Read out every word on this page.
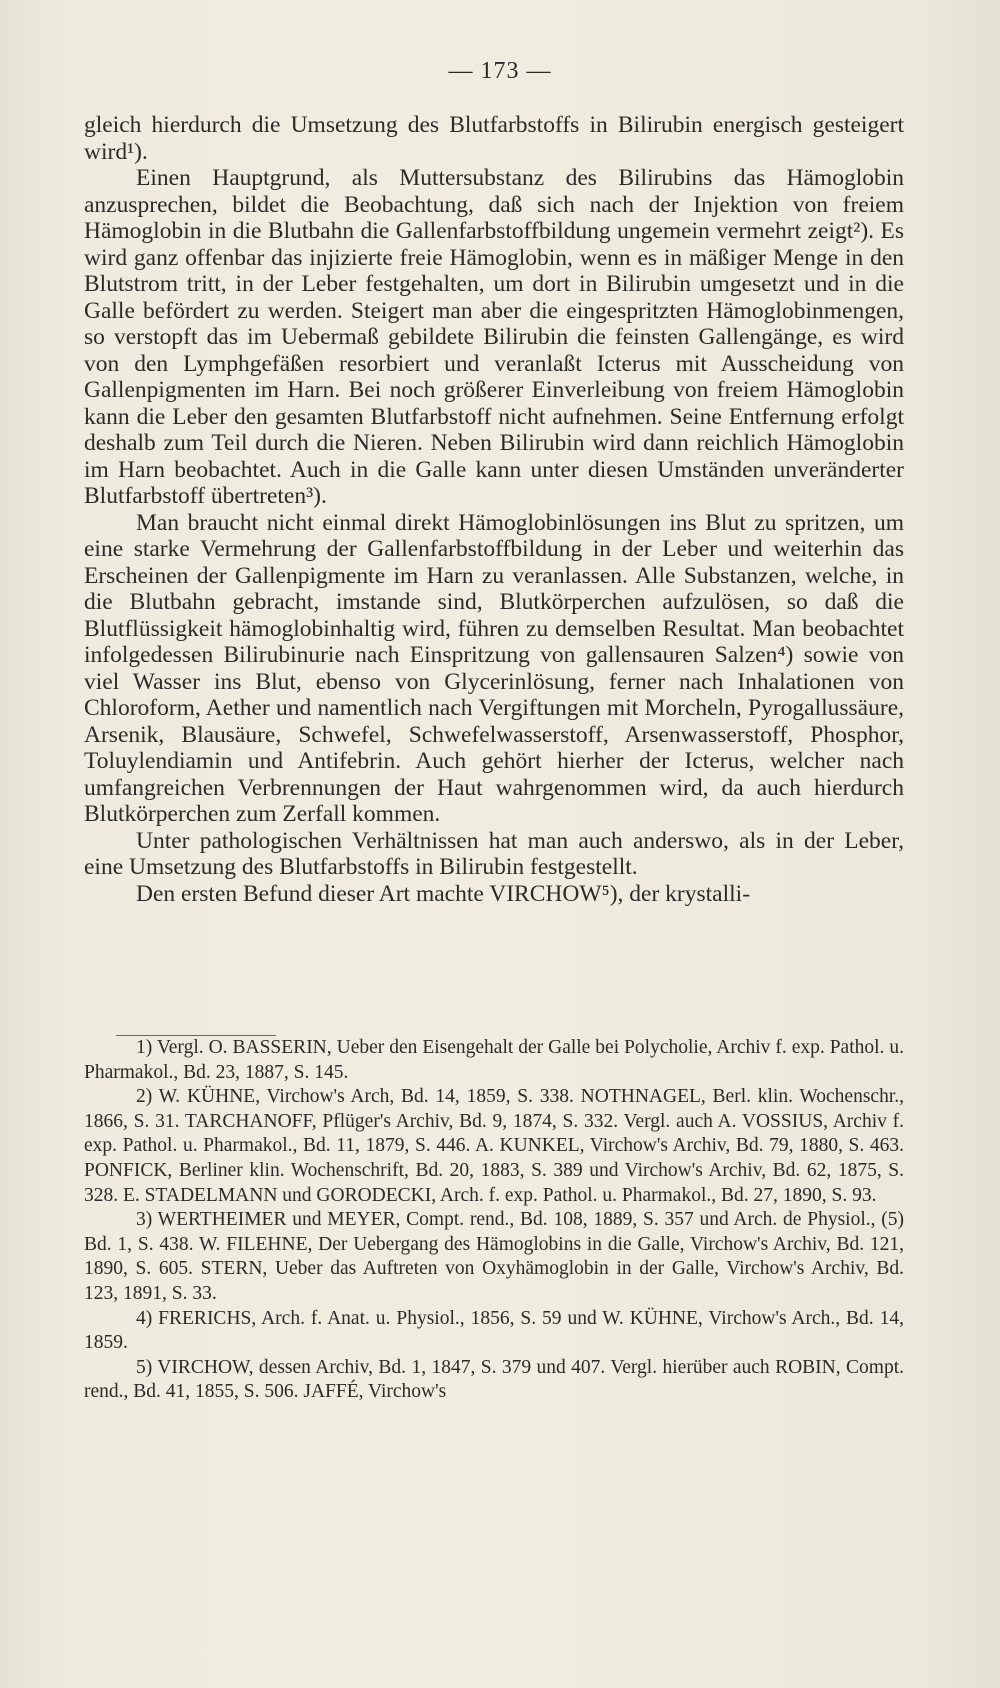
— 173 —

gleich hierdurch die Umsetzung des Blutfarbstoffs in Bilirubin energisch gesteigert wird¹).

Einen Hauptgrund, als Muttersubstanz des Bilirubins das Hämoglobin anzusprechen, bildet die Beobachtung, daß sich nach der Injektion von freiem Hämoglobin in die Blutbahn die Gallenfarbstoffbildung ungemein vermehrt zeigt²). Es wird ganz offenbar das injizierte freie Hämoglobin, wenn es in mäßiger Menge in den Blutstrom tritt, in der Leber festgehalten, um dort in Bilirubin umgesetzt und in die Galle befördert zu werden. Steigert man aber die eingespritzten Hämoglobinmengen, so verstopft das im Uebermaß gebildete Bilirubin die feinsten Gallengänge, es wird von den Lymphgefäßen resorbiert und veranlaßt Icterus mit Ausscheidung von Gallenpigmenten im Harn. Bei noch größerer Einverleibung von freiem Hämoglobin kann die Leber den gesamten Blutfarbstoff nicht aufnehmen. Seine Entfernung erfolgt deshalb zum Teil durch die Nieren. Neben Bilirubin wird dann reichlich Hämoglobin im Harn beobachtet. Auch in die Galle kann unter diesen Umständen unveränderter Blutfarbstoff übertreten³).

Man braucht nicht einmal direkt Hämoglobinlösungen ins Blut zu spritzen, um eine starke Vermehrung der Gallenfarbstoffbildung in der Leber und weiterhin das Erscheinen der Gallenpigmente im Harn zu veranlassen. Alle Substanzen, welche, in die Blutbahn gebracht, imstande sind, Blutkörperchen aufzulösen, so daß die Blutflüssigkeit hämoglobinhaltig wird, führen zu demselben Resultat. Man beobachtet infolgedessen Bilirubinurie nach Einspritzung von gallensauren Salzen⁴) sowie von viel Wasser ins Blut, ebenso von Glycerinlösung, ferner nach Inhalationen von Chloroform, Aether und namentlich nach Vergiftungen mit Morcheln, Pyrogallussäure, Arsenik, Blausäure, Schwefel, Schwefelwasserstoff, Arsenwasserstoff, Phosphor, Toluylendiamin und Antifebrin. Auch gehört hierher der Icterus, welcher nach umfangreichen Verbrennungen der Haut wahrgenommen wird, da auch hierdurch Blutkörperchen zum Zerfall kommen.

Unter pathologischen Verhältnissen hat man auch anderswo, als in der Leber, eine Umsetzung des Blutfarbstoffs in Bilirubin festgestellt.

Den ersten Befund dieser Art machte VIRCHOW⁵), der krystalli-

1) Vergl. O. BASSERIN, Ueber den Eisengehalt der Galle bei Polycholie, Archiv f. exp. Pathol. u. Pharmakol., Bd. 23, 1887, S. 145.

2) W. KÜHNE, Virchow's Arch, Bd. 14, 1859, S. 338. NOTHNAGEL, Berl. klin. Wochenschr., 1866, S. 31. TARCHANOFF, Pflüger's Archiv, Bd. 9, 1874, S. 332. Vergl. auch A. VOSSIUS, Archiv f. exp. Pathol. u. Pharmakol., Bd. 11, 1879, S. 446. A. KUNKEL, Virchow's Archiv, Bd. 79, 1880, S. 463. PONFICK, Berliner klin. Wochenschrift, Bd. 20, 1883, S. 389 und Virchow's Archiv, Bd. 62, 1875, S. 328. E. STADELMANN und GORODECKI, Arch. f. exp. Pathol. u. Pharmakol., Bd. 27, 1890, S. 93.

3) WERTHEIMER und MEYER, Compt. rend., Bd. 108, 1889, S. 357 und Arch. de Physiol., (5) Bd. 1, S. 438. W. FILEHNE, Der Uebergang des Hämoglobins in die Galle, Virchow's Archiv, Bd. 121, 1890, S. 605. STERN, Ueber das Auftreten von Oxyhämoglobin in der Galle, Virchow's Archiv, Bd. 123, 1891, S. 33.

4) FRERICHS, Arch. f. Anat. u. Physiol., 1856, S. 59 und W. KÜHNE, Virchow's Arch., Bd. 14, 1859.

5) VIRCHOW, dessen Archiv, Bd. 1, 1847, S. 379 und 407. Vergl. hierüber auch ROBIN, Compt. rend., Bd. 41, 1855, S. 506. JAFFÉ, Virchow's
